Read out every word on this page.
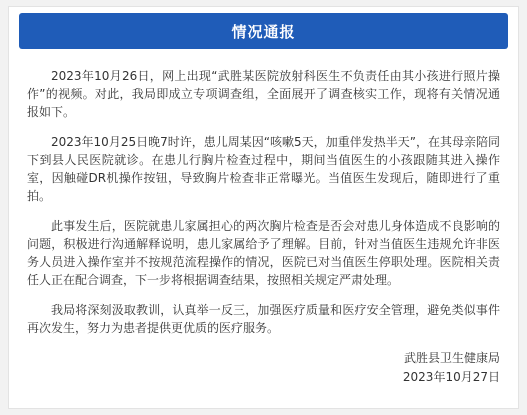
情况通报

2023年10月26日，网上出现“武胜某医院放射科医生不负责任由其小孩进行照片操作”的视频。对此，我局即成立专项调查组，全面展开了调查核实工作，现将有关情况通报如下。

2023年10月25日晚7时许，患儿周某因“咳嗽5天，加重伴发热半天”，在其母亲陪同下到县人民医院就诊。在患儿行胸片检查过程中，期间当值医生的小孩跟随其进入操作室，因触碰DR机操作按钮，导致胸片检查非正常曝光。当值医生发现后，随即进行了重拍。

此事发生后，医院就患儿家属担心的两次胸片检查是否会对患儿身体造成不良影响的问题，积极进行沟通解释说明，患儿家属给予了理解。目前，针对当值医生违规允许非医务人员进入操作室并不按规范流程操作的情况，医院已对当值医生停职处理。医院相关责任人正在配合调查，下一步将根据调查结果，按照相关规定严肃处理。

我局将深刻汲取教训，认真举一反三，加强医疗质量和医疗安全管理，避免类似事件再次发生，努力为患者提供更优质的医疗服务。

武胜县卫生健康局
2023年10月27日
